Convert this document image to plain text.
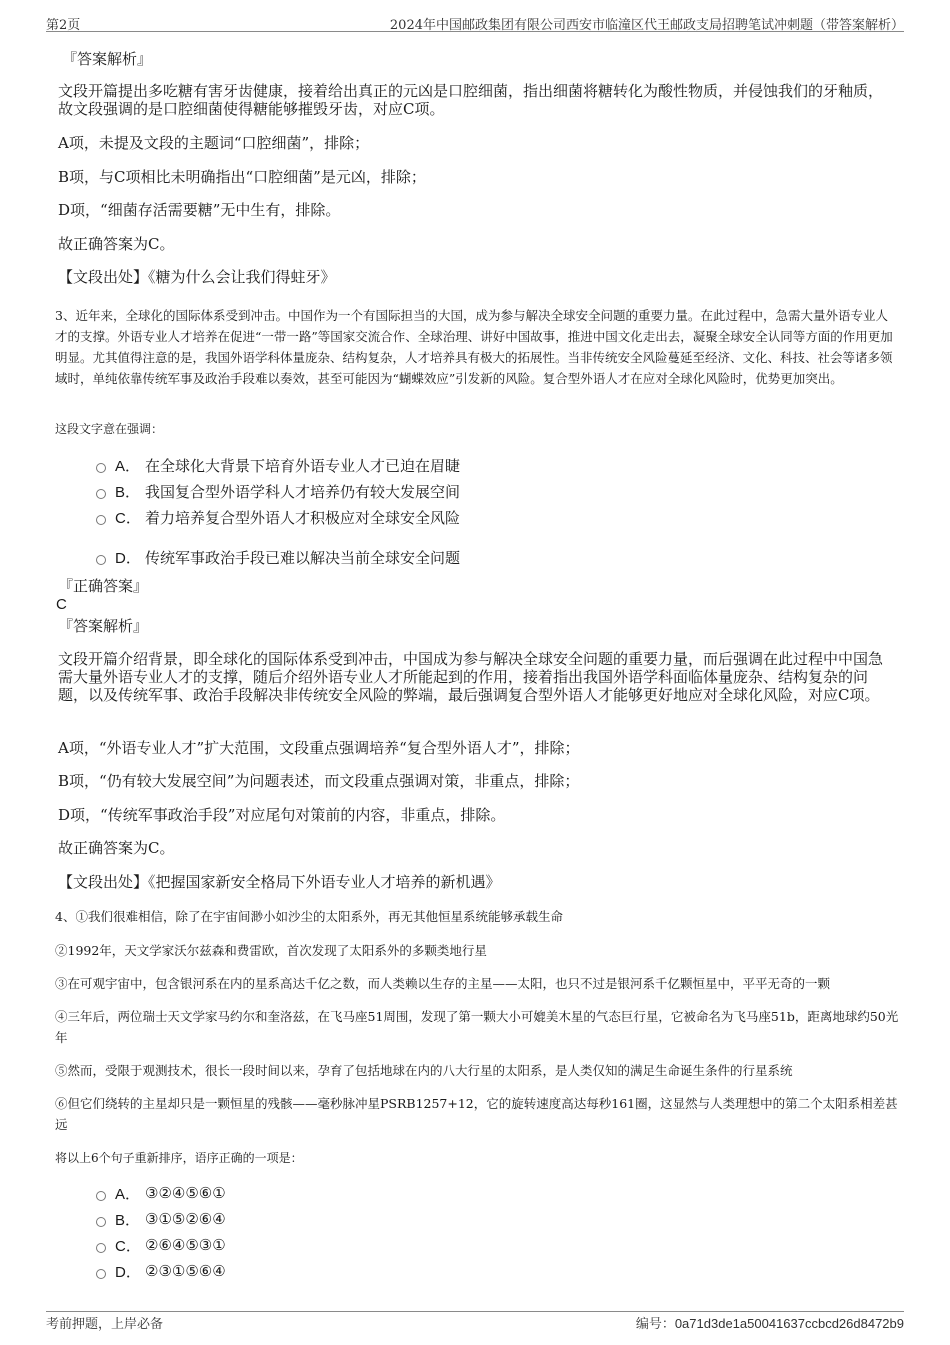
第2页	2024年中国邮政集团有限公司西安市临潼区代王邮政支局招聘笔试冲刺题（带答案解析）
『答案解析』
文段开篇提出多吃糖有害牙齿健康，接着给出真正的元凶是口腔细菌，指出细菌将糖转化为酸性物质，并侵蚀我们的牙釉质，故文段强调的是口腔细菌使得糖能够摧毁牙齿，对应C项。
A项，未提及文段的主题词“口腔细菌”，排除；
B项，与C项相比未明确指出“口腔细菌”是元凶，排除；
D项，“细菌存活需要糖”无中生有，排除。
故正确答案为C。
【文段出处】《糖为什么会让我们得蛀牙》
3、近年来，全球化的国际体系受到冲击。中国作为一个有国际担当的大国，成为参与解决全球安全问题的重要力量。在此过程中，急需大量外语专业人才的支撑。外语专业人才培养在促进“一带一路”等国家交流合作、全球治理、讲好中国故事，推进中国文化走出去，凝聚全球安全认同等方面的作用更加明显。尤其值得注意的是，我国外语学科体量庞杂、结构复杂，人才培养具有极大的拓展性。当非传统安全风险蔓延至经济、文化、科技、社会等诸多领域时，单纯依靠传统军事及政治手段难以奏效，甚至可能因为“蝴蝶效应”引发新的风险。复合型外语人才在应对全球化风险时，优势更加突出。
这段文字意在强调：
A． 在全球化大背景下培育外语专业人才已迫在眉睫
B． 我国复合型外语学科人才培养仍有较大发展空间
C． 着力培养复合型外语人才积极应对全球安全风险
D． 传统军事政治手段已难以解决当前全球安全问题
『正确答案』
C
『答案解析』
文段开篇介绍背景，即全球化的国际体系受到冲击，中国成为参与解决全球安全问题的重要力量，而后强调在此过程中中国急需大量外语专业人才的支撑，随后介绍外语专业人才所能起到的作用，接着指出我国外语学科面临体量庞杂、结构复杂的问题，以及传统军事、政治手段解决非传统安全风险的弊端，最后强调复合型外语人才能够更好地应对全球化风险，对应C项。
A项，“外语专业人才”扩大范围，文段重点强调培养“复合型外语人才”，排除；
B项，“仍有较大发展空间”为问题表述，而文段重点强调对策，非重点，排除；
D项，“传统军事政治手段”对应尾句对策前的内容，非重点，排除。
故正确答案为C。
【文段出处】《把握国家新安全格局下外语专业人才培养的新机遇》
4、①我们很难相信，除了在宇宙间渺小如沙尘的太阳系外，再无其他恒星系统能够承载生命
②1992年，天文学家沃尔兹森和费雷欧，首次发现了太阳系外的多颗类地行星
③在可观宇宙中，包含银河系在内的星系高达千亿之数，而人类赖以生存的主星——太阳，也只不过是银河系千亿颗恒星中，平平无奇的一颗
④三年后，两位瑞士天文学家马约尔和奎洛兹，在飞马座51周围，发现了第一颗大小可媲美木星的气态巨行星，它被命名为飞马座51b，距离地球约50光年
⑤然而，受限于观测技术，很长一段时间以来，孕育了包括地球在内的八大行星的太阳系，是人类仅知的满足生命诞生条件的行星系统
⑥但它们绕转的主星却只是一颗恒星的残骸——毫秒脉冲星PSRB1257+12，它的旋转速度高达每秒161圈，这显然与人类理想中的第二个太阳系相差甚远
将以上6个句子重新排序，语序正确的一项是：
A． ③②④⑤⑥①
B． ③①⑤②⑥④
C． ②⑥④⑤③①
D． ②③①⑤⑥④
考前押题，上岸必备	编号：0a71d3de1a50041637ccbcd26d8472b9
